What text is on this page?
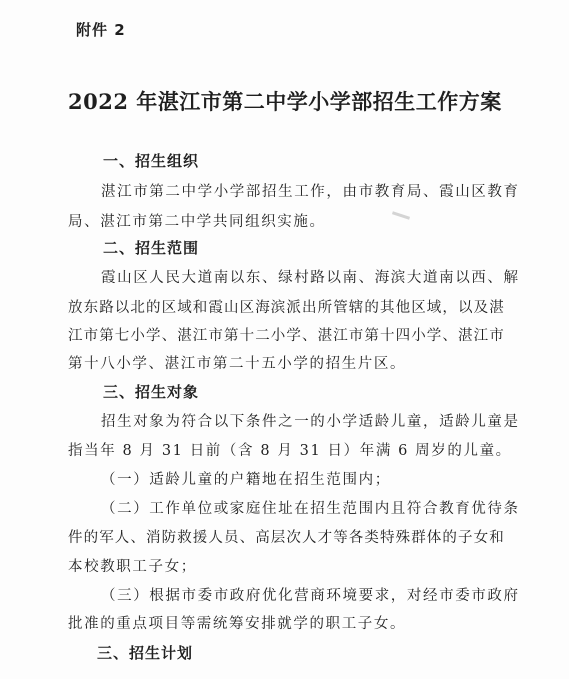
附件 2
2022 年湛江市第二中学小学部招生工作方案
一、招生组织
湛江市第二中学小学部招生工作，由市教育局、霞山区教育
局、湛江市第二中学共同组织实施。
二、招生范围
霞山区人民大道南以东、绿村路以南、海滨大道南以西、解
放东路以北的区域和霞山区海滨派出所管辖的其他区域，以及湛
江市第七小学、湛江市第十二小学、湛江市第十四小学、湛江市
第十八小学、湛江市第二十五小学的招生片区。
三、招生对象
招生对象为符合以下条件之一的小学适龄儿童，适龄儿童是
指当年 8 月 31 日前（含 8 月 31 日）年满 6 周岁的儿童。
（一）适龄儿童的户籍地在招生范围内；
（二）工作单位或家庭住址在招生范围内且符合教育优待条
件的军人、消防救援人员、高层次人才等各类特殊群体的子女和
本校教职工子女；
（三）根据市委市政府优化营商环境要求，对经市委市政府
批准的重点项目等需统筹安排就学的职工子女。
三、招生计划
